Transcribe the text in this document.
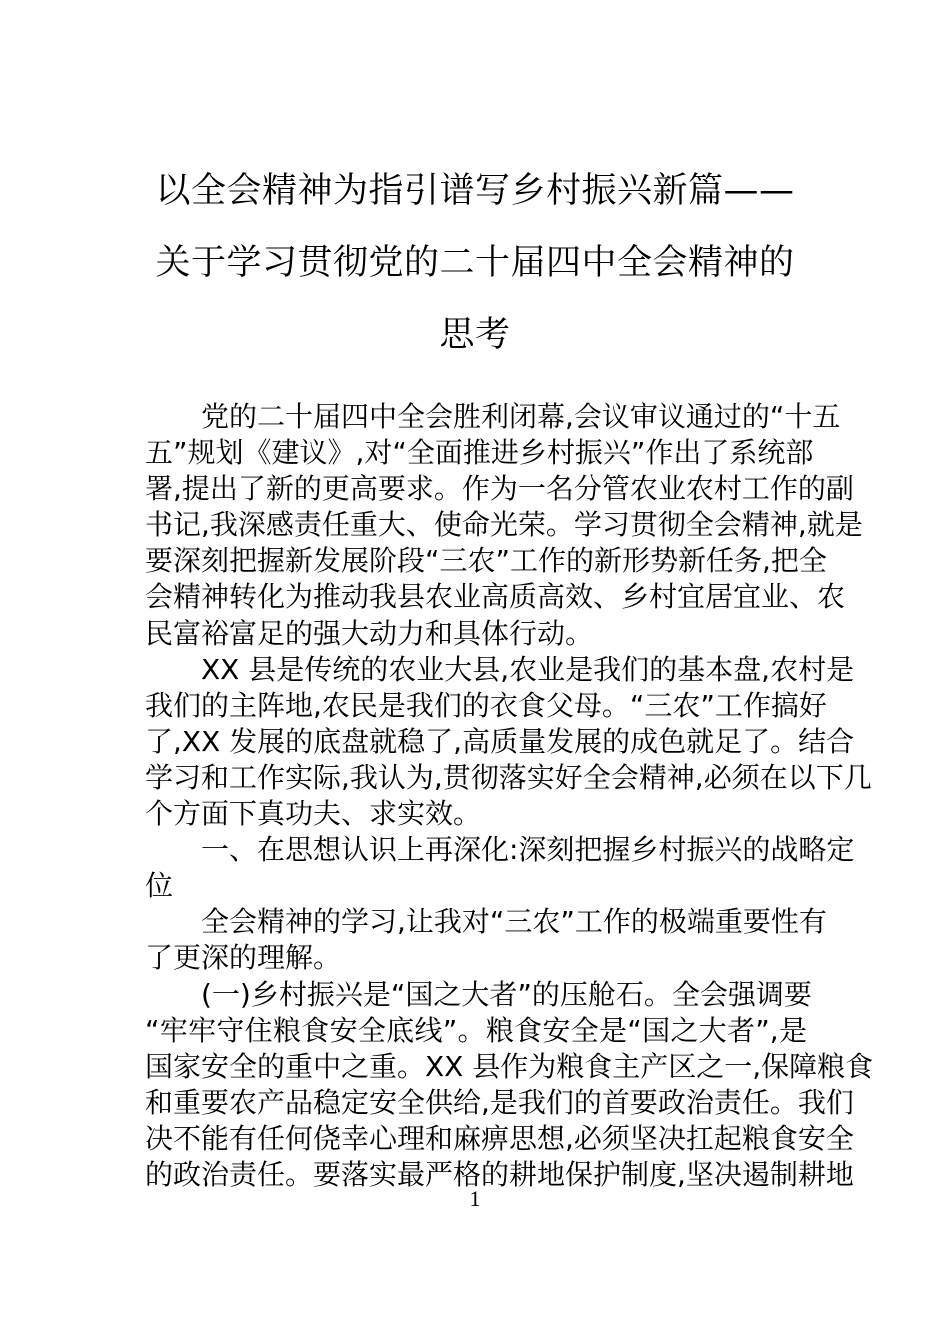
以全会精神为指引谱写乡村振兴新篇——
关于学习贯彻党的二十届四中全会精神的
思考
党的二十届四中全会胜利闭幕,会议审议通过的“十五
五”规划《建议》,对“全面推进乡村振兴”作出了系统部
署,提出了新的更高要求。作为一名分管农业农村工作的副
书记,我深感责任重大、使命光荣。学习贯彻全会精神,就是
要深刻把握新发展阶段“三农”工作的新形势新任务,把全
会精神转化为推动我县农业高质高效、乡村宜居宜业、农
民富裕富足的强大动力和具体行动。
XX 县是传统的农业大县,农业是我们的基本盘,农村是
我们的主阵地,农民是我们的衣食父母。“三农”工作搞好
了,XX 发展的底盘就稳了,高质量发展的成色就足了。结合
学习和工作实际,我认为,贯彻落实好全会精神,必须在以下几
个方面下真功夫、求实效。
一、在思想认识上再深化:深刻把握乡村振兴的战略定
位
全会精神的学习,让我对“三农”工作的极端重要性有
了更深的理解。
(一)乡村振兴是“国之大者”的压舱石。全会强调要
“牢牢守住粮食安全底线”。粮食安全是“国之大者”,是
国家安全的重中之重。XX 县作为粮食主产区之一,保障粮食
和重要农产品稳定安全供给,是我们的首要政治责任。我们
决不能有任何侥幸心理和麻痹思想,必须坚决扛起粮食安全
的政治责任。要落实最严格的耕地保护制度,坚决遏制耕地
1
